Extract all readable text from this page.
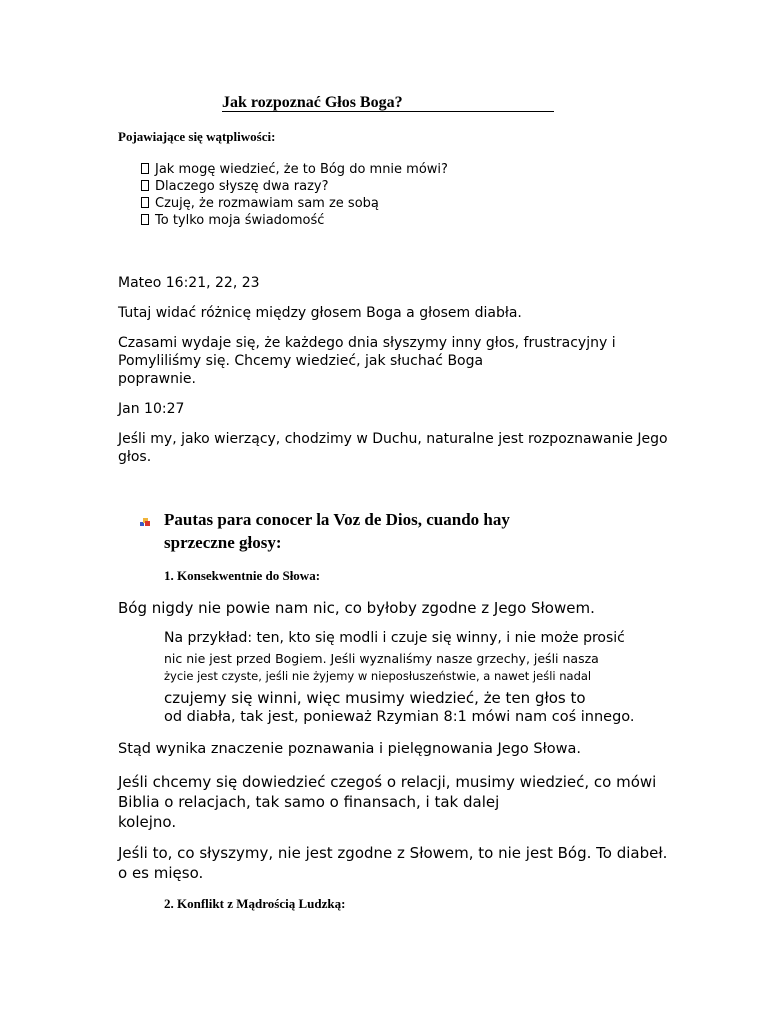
Jak rozpoznać Głos Boga?
Pojawiające się wątpliwości:
Jak mogę wiedzieć, że to Bóg do mnie mówi?
Dlaczego słyszę dwa razy?
Czuję, że rozmawiam sam ze sobą
To tylko moja świadomość
Mateo 16:21, 22, 23
Tutaj widać różnicę między głosem Boga a głosem diabła.
Czasami wydaje się, że każdego dnia słyszymy inny głos, frustracyjny i
Pomyliliśmy się. Chcemy wiedzieć, jak słuchać Boga
poprawnie.
Jan 10:27
Jeśli my, jako wierzący, chodzimy w Duchu, naturalne jest rozpoznawanie Jego
głos.
Pautas para conocer la Voz de Dios, cuando hay
sprzeczne głosy:
1. Konsekwentnie do Słowa:
Bóg nigdy nie powie nam nic, co byłoby zgodne z Jego Słowem.
Na przykład: ten, kto się modli i czuje się winny, i nie może prosić
nic nie jest przed Bogiem. Jeśli wyznaliśmy nasze grzechy, jeśli nasza
życie jest czyste, jeśli nie żyjemy w nieposłuszeństwie, a nawet jeśli nadal
czujemy się winni, więc musimy wiedzieć, że ten głos to
od diabła, tak jest, ponieważ Rzymian 8:1 mówi nam coś innego.
Stąd wynika znaczenie poznawania i pielęgnowania Jego Słowa.
Jeśli chcemy się dowiedzieć czegoś o relacji, musimy wiedzieć, co mówi
Biblia o relacjach, tak samo o finansach, i tak dalej
kolejno.
Jeśli to, co słyszymy, nie jest zgodne z Słowem, to nie jest Bóg. To diabeł.
o es mięso.
2. Konflikt z Mądrością Ludzką:
